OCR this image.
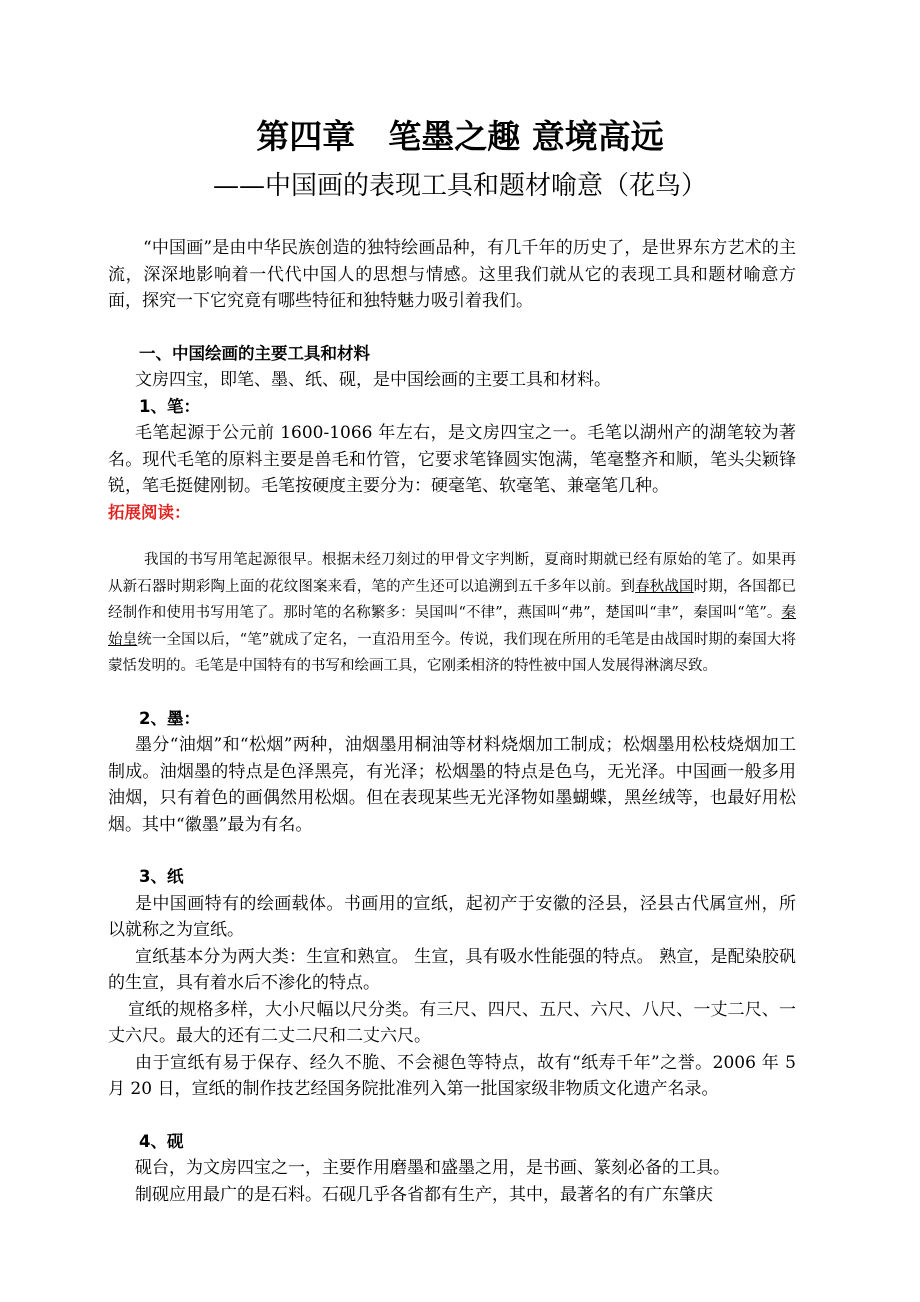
第四章　笔墨之趣 意境高远
——中国画的表现工具和题材喻意（花鸟）

“中国画”是由中华民族创造的独特绘画品种，有几千年的历史了，是世界东方艺术的主流，深深地影响着一代代中国人的思想与情感。这里我们就从它的表现工具和题材喻意方面，探究一下它究竟有哪些特征和独特魅力吸引着我们。

一、中国绘画的主要工具和材料

文房四宝，即笔、墨、纸、砚，是中国绘画的主要工具和材料。

1、笔：

毛笔起源于公元前 1600-1066 年左右，是文房四宝之一。毛笔以湖州产的湖笔较为著名。现代毛笔的原料主要是兽毛和竹管，它要求笔锋圆实饱满，笔毫整齐和顺，笔头尖颖锋锐，笔毛挺健刚韧。毛笔按硬度主要分为：硬毫笔、软毫笔、兼毫笔几种。

拓展阅读：

我国的书写用笔起源很早。根据未经刀刻过的甲骨文字判断，夏商时期就已经有原始的笔了。如果再从新石器时期彩陶上面的花纹图案来看，笔的产生还可以追溯到五千多年以前。到春秋战国时期，各国都已经制作和使用书写用笔了。那时笔的名称繁多：吴国叫“不律”，燕国叫“弗”，楚国叫“聿”，秦国叫“笔”。秦始皇统一全国以后，“笔”就成了定名，一直沿用至今。传说，我们现在所用的毛笔是由战国时期的秦国大将蒙恬发明的。毛笔是中国特有的书写和绘画工具，它刚柔相济的特性被中国人发展得淋漓尽致。

2、墨：

墨分“油烟”和“松烟”两种，油烟墨用桐油等材料烧烟加工制成；松烟墨用松枝烧烟加工制成。油烟墨的特点是色泽黑亮，有光泽；松烟墨的特点是色乌，无光泽。中国画一般多用油烟，只有着色的画偶然用松烟。但在表现某些无光泽物如墨蝴蝶，黑丝绒等，也最好用松烟。其中“徽墨”最为有名。

3、纸

是中国画特有的绘画载体。书画用的宣纸，起初产于安徽的泾县，泾县古代属宣州，所以就称之为宣纸。

宣纸基本分为两大类：生宣和熟宣。 生宣，具有吸水性能强的特点。 熟宣，是配染胶矾的生宣，具有着水后不渗化的特点。

宣纸的规格多样，大小尺幅以尺分类。有三尺、四尺、五尺、六尺、八尺、一丈二尺、一丈六尺。最大的还有二丈二尺和二丈六尺。

由于宣纸有易于保存、经久不脆、不会褪色等特点，故有“纸寿千年”之誉。2006 年 5 月 20 日，宣纸的制作技艺经国务院批准列入第一批国家级非物质文化遗产名录。

4、砚

砚台，为文房四宝之一，主要作用磨墨和盛墨之用，是书画、篆刻必备的工具。

制砚应用最广的是石料。石砚几乎各省都有生产，其中，最著名的有广东肇庆
